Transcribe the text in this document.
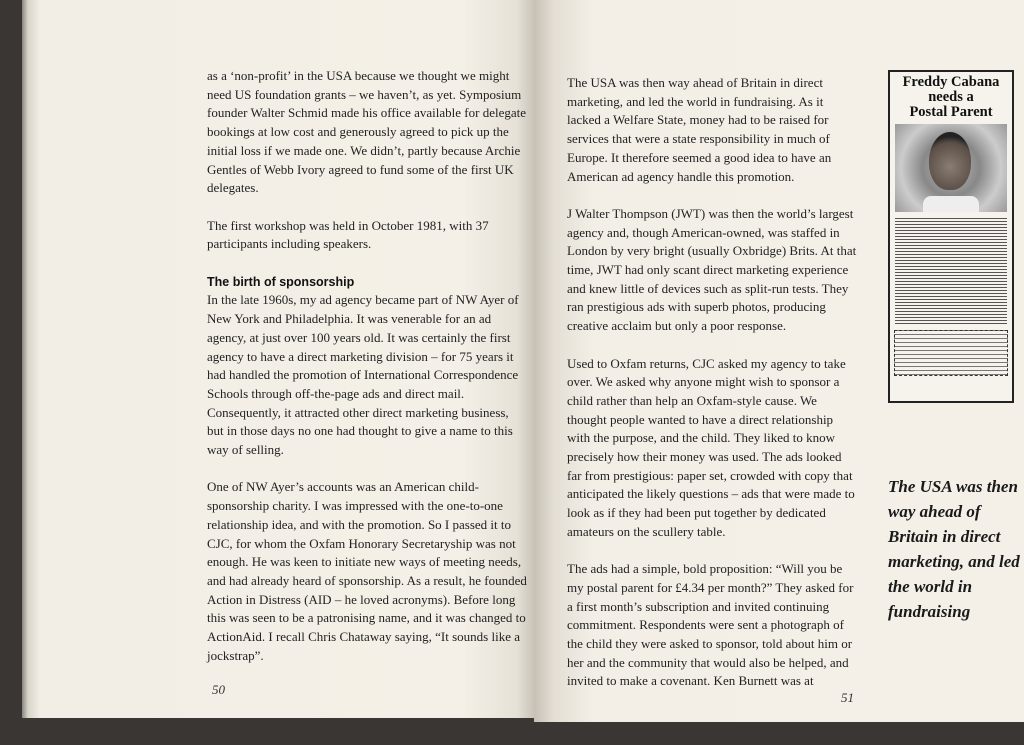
as a ‘non-profit’ in the USA because we thought we might need US foundation grants – we haven’t, as yet. Symposium founder Walter Schmid made his office available for delegate bookings at low cost and generously agreed to pick up the initial loss if we made one. We didn’t, partly because Archie Gentles of Webb Ivory agreed to fund some of the first UK delegates.

The first workshop was held in October 1981, with 37 participants including speakers.

The birth of sponsorship

In the late 1960s, my ad agency became part of NW Ayer of New York and Philadelphia. It was venerable for an ad agency, at just over 100 years old. It was certainly the first agency to have a direct marketing division – for 75 years it had handled the promotion of International Correspondence Schools through off-the-page ads and direct mail. Consequently, it attracted other direct marketing business, but in those days no one had thought to give a name to this way of selling.

One of NW Ayer’s accounts was an American child-sponsorship charity. I was impressed with the one-to-one relationship idea, and with the promotion. So I passed it to CJC, for whom the Oxfam Honorary Secretaryship was not enough. He was keen to initiate new ways of meeting needs, and had already heard of sponsorship. As a result, he founded Action in Distress (AID – he loved acronyms). Before long this was seen to be a patronising name, and it was changed to ActionAid. I recall Chris Chataway saying, “It sounds like a jockstrap”.

50

The USA was then way ahead of Britain in direct marketing, and led the world in fundraising. As it lacked a Welfare State, money had to be raised for services that were a state responsibility in much of Europe. It therefore seemed a good idea to have an American ad agency handle this promotion.

J Walter Thompson (JWT) was then the world’s largest agency and, though American-owned, was staffed in London by very bright (usually Oxbridge) Brits. At that time, JWT had only scant direct marketing experience and knew little of devices such as split-run tests. They ran prestigious ads with superb photos, producing creative acclaim but only a poor response.

Used to Oxfam returns, CJC asked my agency to take over. We asked why anyone might wish to sponsor a child rather than help an Oxfam-style cause. We thought people wanted to have a direct relationship with the purpose, and the child. They liked to know precisely how their money was used. The ads looked far from prestigious: paper set, crowded with copy that anticipated the likely questions – ads that were made to look as if they had been put together by dedicated amateurs on the scullery table.

The ads had a simple, bold proposition: “Will you be my postal parent for £4.34 per month?” They asked for a first month’s subscription and invited continuing commitment. Respondents were sent a photograph of the child they were asked to sponsor, told about him or her and the community that would also be helped, and invited to make a covenant. Ken Burnett was at

Freddy Cabana
needs a
Postal Parent
The USA was then way ahead of Britain in direct marketing, and led the world in fundraising
51
